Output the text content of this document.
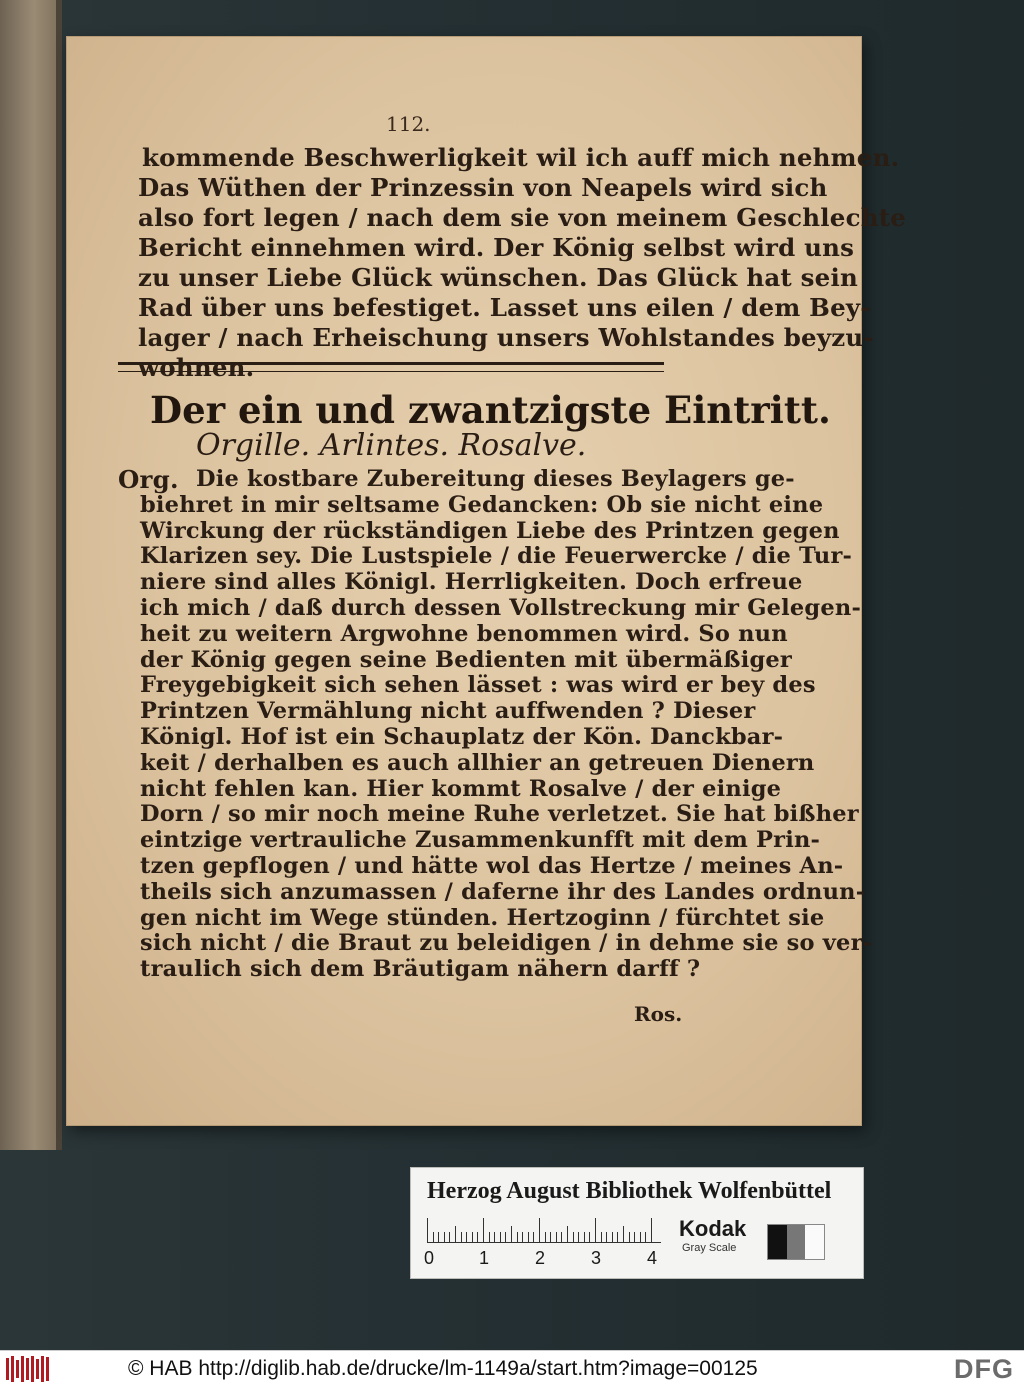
112.
kommende Beschwerligkeit wil ich auff mich nehmen.
Das Wüthen der Prinzessin von Neapels wird sich
also fort legen / nach dem sie von meinem Geschlechte
Bericht einnehmen wird. Der König selbst wird uns
zu unser Liebe Glück wünschen. Das Glück hat sein
Rad über uns befestiget. Lasset uns eilen / dem Bey-
lager / nach Erheischung unsers Wohlstandes beyzu-
wohnen.
Der ein und zwantzigste Eintritt.
Orgille. Arlintes. Rosalve.
Org. Die kostbare Zubereitung dieses Beylagers ge-
biehret in mir seltsame Gedancken: Ob sie nicht eine
Wirckung der rückständigen Liebe des Printzen gegen
Klarizen sey. Die Lustspiele / die Feuerwercke / die Tur-
niere sind alles Königl. Herrligkeiten. Doch erfreue
ich mich / daß durch dessen Vollstreckung mir Gelegen-
heit zu weitern Argwohne benommen wird. So nun
der König gegen seine Bedienten mit übermäßiger
Freygebigkeit sich sehen lässet : was wird er bey des
Printzen Vermählung nicht auffwenden ? Dieser
Königl. Hof ist ein Schauplatz der Kön. Danckbar-
keit / derhalben es auch allhier an getreuen Dienern
nicht fehlen kan. Hier kommt Rosalve / der einige
Dorn / so mir noch meine Ruhe verletzet. Sie hat bißher
eintzige vertrauliche Zusammenkunfft mit dem Prin-
tzen gepflogen / und hätte wol das Hertze / meines An-
theils sich anzumassen / daferne ihr des Landes ordnun-
gen nicht im Wege stünden. Hertzoginn / fürchtet sie
sich nicht / die Braut zu beleidigen / in dehme sie so ver-
traulich sich dem Bräutigam nähern darff ?
Ros.
Herzog August Bibliothek Wolfenbüttel
0 1	2	3	4
Kodak
Gray Scale
© HAB http://diglib.hab.de/drucke/lm-1149a/start.htm?image=00125	DFG
